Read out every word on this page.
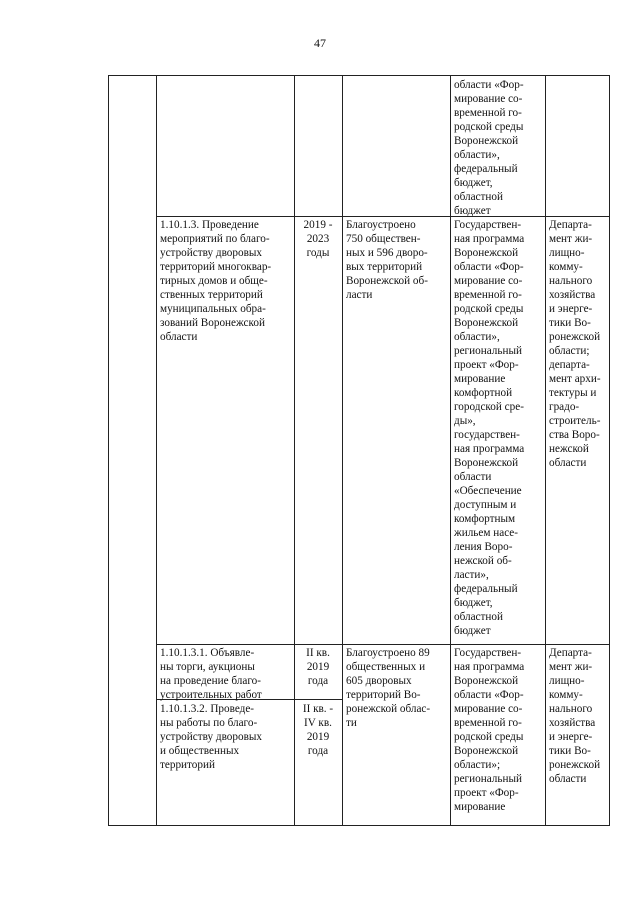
47
области «Фор-
мирование со-
временной го-
родской среды
Воронежской
области»,
федеральный
бюджет,
областной
бюджет
1.10.1.3. Проведение
мероприятий по благо-
устройству дворовых
территорий многоквар-
тирных домов и обще-
ственных территорий
муниципальных обра-
зований Воронежской
области
2019 -
2023
годы
Благоустроено
750 обществен-
ных и 596 дворо-
вых территорий
Воронежской об-
ласти
Государствен-
ная программа
Воронежской
области «Фор-
мирование со-
временной го-
родской среды
Воронежской
области»,
региональный
проект «Фор-
мирование
комфортной
городской сре-
ды»,
государствен-
ная программа
Воронежской
области
«Обеспечение
доступным и
комфортным
жильем насе-
ления Воро-
нежской об-
ласти»,
федеральный
бюджет,
областной
бюджет
Департа-
мент жи-
лищно-
комму-
нального
хозяйства
и энерге-
тики Во-
ронежской
области;
департа-
мент архи-
тектуры и
градо-
строитель-
ства Воро-
нежской
области
1.10.1.3.1. Объявле-
ны торги, аукционы
на проведение благо-
устроительных работ
II кв.
2019
года
1.10.1.3.2. Проведе-
ны работы по благо-
устройству дворовых
и общественных
территорий
II кв. -
IV кв.
2019
года
Благоустроено 89
общественных и
605 дворовых
территорий Во-
ронежской облас-
ти
Государствен-
ная программа
Воронежской
области «Фор-
мирование со-
временной го-
родской среды
Воронежской
области»;
региональный
проект «Фор-
мирование
Департа-
мент жи-
лищно-
комму-
нального
хозяйства
и энерге-
тики Во-
ронежской
области
